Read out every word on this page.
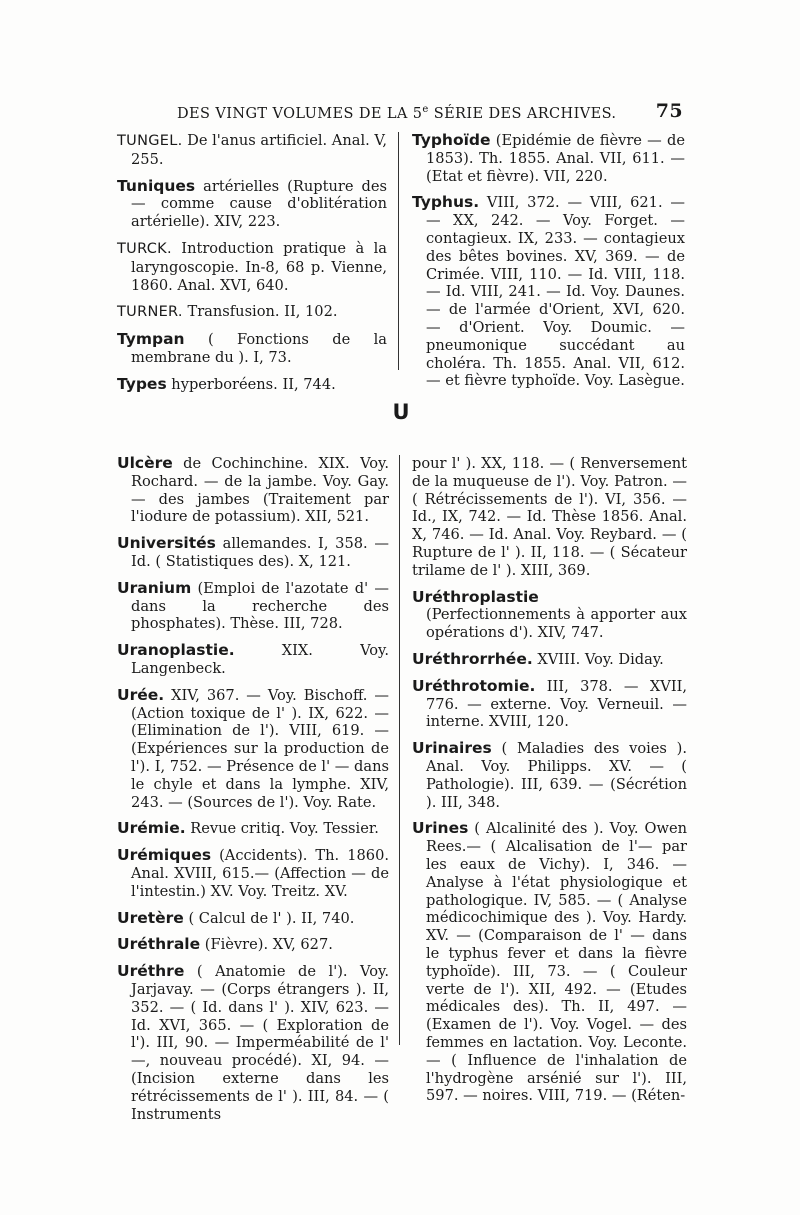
DES VINGT VOLUMES DE LA 5e SÉRIE DES ARCHIVES. 75

TUNGEL. De l'anus artificiel. Anal. V, 255.

Tuniques artérielles (Rupture des — comme cause d'oblitération artérielle). XIV, 223.

TURCK. Introduction pratique à la laryngoscopie. In-8, 68 p. Vienne, 1860. Anal. XVI, 640.

TURNER. Transfusion. II, 102.

Tympan ( Fonctions de la membrane du ). I, 73.

Types hyperboréens. II, 744.

Typhoïde (Epidémie de fièvre — de 1853). Th. 1855. Anal. VII, 611. — (Etat et fièvre). VII, 220.

Typhus. VIII, 372. — VIII, 621. — — XX, 242. — Voy. Forget. — contagieux. IX, 233. — contagieux des bêtes bovines. XV, 369. — de Crimée. VIII, 110. — Id. VIII, 118. — Id. VIII, 241. — Id. Voy. Daunes. — de l'armée d'Orient, XVI, 620. — d'Orient. Voy. Doumic. — pneumonique succédant au choléra. Th. 1855. Anal. VII, 612. — et fièvre typhoïde. Voy. Lasègue.

U

Ulcère de Cochinchine. XIX. Voy. Rochard. — de la jambe. Voy. Gay. — des jambes (Traitement par l'iodure de potassium). XII, 521.

Universités allemandes. I, 358. — Id. ( Statistiques des). X, 121.

Uranium (Emploi de l'azotate d' — dans la recherche des phosphates). Thèse. III, 728.

Uranoplastie. XIX. Voy. Langenbeck.

Urée. XIV, 367. — Voy. Bischoff. — (Action toxique de l' ). IX, 622. — (Elimination de l'). VIII, 619. — (Expériences sur la production de l'). I, 752. — Présence de l' — dans le chyle et dans la lymphe. XIV, 243. — (Sources de l'). Voy. Rate.

Urémie. Revue critiq. Voy. Tessier.

Urémiques (Accidents). Th. 1860. Anal. XVIII, 615.— (Affection — de l'intestin.) XV. Voy. Treitz. XV.

Uretère ( Calcul de l' ). II, 740.

Uréthrale (Fièvre). XV, 627.

Uréthre ( Anatomie de l'). Voy. Jarjavay. — (Corps étrangers ). II, 352. — ( Id. dans l' ). XIV, 623. — Id. XVI, 365. — ( Exploration de l'). III, 90. — Imperméabilité de l' —, nouveau procédé). XI, 94. —(Incision externe dans les rétrécissements de l' ). III, 84. — ( Instruments

pour l' ). XX, 118. — ( Renversement de la muqueuse de l'). Voy. Patron. — ( Rétrécissements de l'). VI, 356. — Id., IX, 742. — Id. Thèse 1856. Anal. X, 746. — Id. Anal. Voy. Reybard. — ( Rupture de l' ). II, 118. — ( Sécateur trilame de l' ). XIII, 369.

Uréthroplastie (Perfectionnements à apporter aux opérations d'). XIV, 747.

Uréthrorrhée. XVIII. Voy. Diday.

Uréthrotomie. III, 378. — XVII, 776. — externe. Voy. Verneuil. — interne. XVIII, 120.

Urinaires ( Maladies des voies ). Anal. Voy. Philipps. XV. — ( Pathologie). III, 639. — (Sécrétion ). III, 348.

Urines ( Alcalinité des ). Voy. Owen Rees.— ( Alcalisation de l'— par les eaux de Vichy). I, 346. — Analyse à l'état physiologique et pathologique. IV, 585. — ( Analyse médicochimique des ). Voy. Hardy. XV. — (Comparaison de l' — dans le typhus fever et dans la fièvre typhoïde). III, 73. — ( Couleur verte de l'). XII, 492. — (Etudes médicales des). Th. II, 497. — (Examen de l'). Voy. Vogel. — des femmes en lactation. Voy. Leconte. — ( Influence de l'inhalation de l'hydrogène arsénié sur l'). III, 597. — noires. VIII, 719. — (Réten-
